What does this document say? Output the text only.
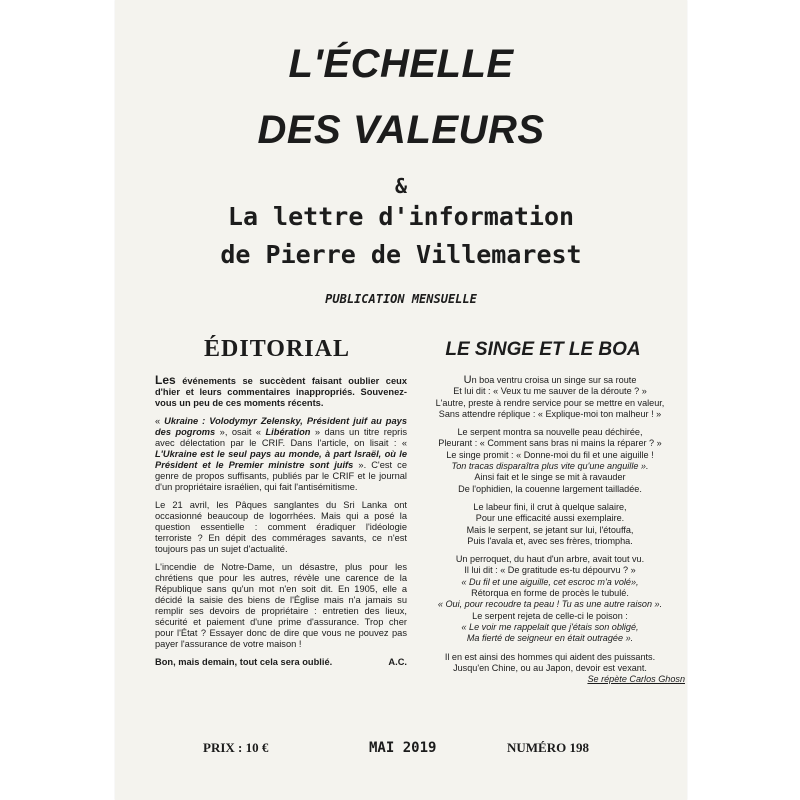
L'ÉCHELLE
DES VALEURS
&
La lettre d'information
de Pierre de Villemarest
PUBLICATION MENSUELLE
ÉDITORIAL	LE SINGE ET LE BOA

Les événements se succèdent faisant oublier ceux d'hier et leurs commentaires inappropriés. Souvenez-vous un peu de ces moments récents.

« Ukraine : Volodymyr Zelensky, Président juif au pays des pogroms », osait « Libération » dans un titre repris avec délectation par le CRIF. Dans l'article, on lisait : « L'Ukraine est le seul pays au monde, à part Israël, où le Président et le Premier ministre sont juifs ». C'est ce genre de propos suffisants, publiés par le CRIF et le journal d'un propriétaire israélien, qui fait l'antisémitisme.

Le 21 avril, les Pâques sanglantes du Sri Lanka ont occasionné beaucoup de logorrhées. Mais qui a posé la question essentielle : comment éradiquer l'idéologie terroriste ? En dépit des commérages savants, ce n'est toujours pas un sujet d'actualité.

L'incendie de Notre-Dame, un désastre, plus pour les chrétiens que pour les autres, révèle une carence de la République sans qu'un mot n'en soit dit. En 1905, elle a décidé la saisie des biens de l'Église mais n'a jamais su remplir ses devoirs de propriétaire : entretien des lieux, sécurité et paiement d'une prime d'assurance. Trop cher pour l'État ? Essayer donc de dire que vous ne pouvez pas payer l'assurance de votre maison !

Bon, mais demain, tout cela sera oublié.	A.C.
Un boa ventru croisa un singe sur sa route
Et lui dit : « Veux tu me sauver de la déroute ? »
L'autre, preste à rendre service pour se mettre en valeur,
Sans attendre réplique : « Explique-moi ton malheur ! »
Le serpent montra sa nouvelle peau déchirée,
Pleurant : « Comment sans bras ni mains la réparer ? »
Le singe promit : « Donne-moi du fil et une aiguille !
Ton tracas disparaîtra plus vite qu'une anguille ».
Ainsi fait et le singe se mit à ravauder
De l'ophidien, la couenne largement tailladée.
Le labeur fini, il crut à quelque salaire,
Pour une efficacité aussi exemplaire.
Mais le serpent, se jetant sur lui, l'étouffa,
Puis l'avala et, avec ses frères, triompha.
Un perroquet, du haut d'un arbre, avait tout vu.
Il lui dit : « De gratitude es-tu dépourvu ? »
« Du fil et une aiguille, cet escroc m'a volé»,
Rétorqua en forme de procès le tubulé.
« Oui, pour recoudre ta peau ! Tu as une autre raison ».
Le serpent rejeta de celle-ci le poison :
« Le voir me rappelait que j'étais son obligé,
Ma fierté de seigneur en était outragée ».
Il en est ainsi des hommes qui aident des puissants.
Jusqu'en Chine, ou au Japon, devoir est vexant.
Se répète Carlos Ghosn
PRIX : 10 €	MAI 2019	NUMÉRO 198
